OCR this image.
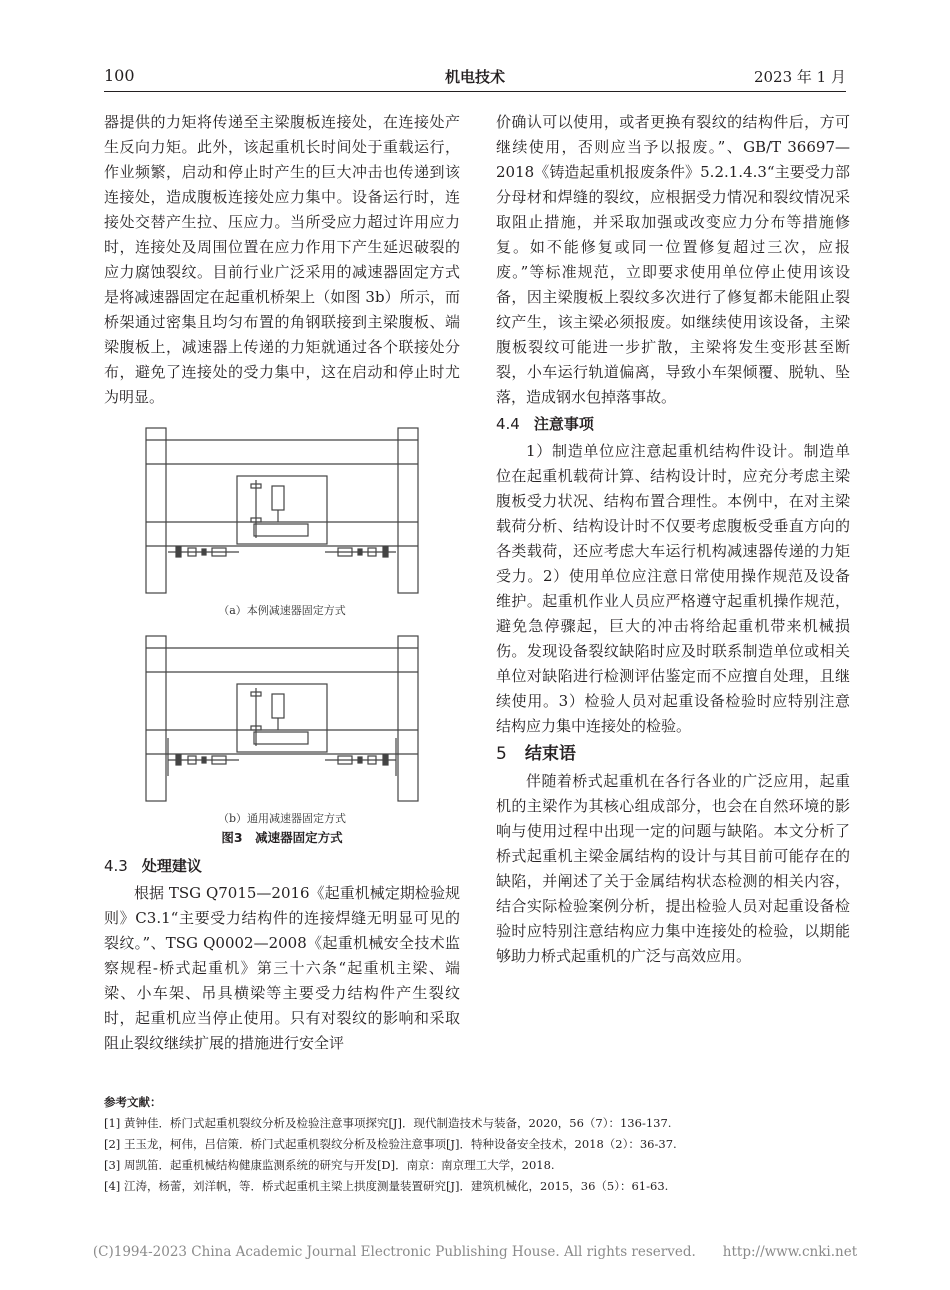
100	机电技术	2023 年 1 月

器提供的力矩将传递至主梁腹板连接处，在连接处产生反向力矩。此外，该起重机长时间处于重载运行，作业频繁，启动和停止时产生的巨大冲击也传递到该连接处，造成腹板连接处应力集中。设备运行时，连接处交替产生拉、压应力。当所受应力超过许用应力时，连接处及周围位置在应力作用下产生延迟破裂的应力腐蚀裂纹。目前行业广泛采用的减速器固定方式是将减速器固定在起重机桥架上（如图 3b）所示，而桥架通过密集且均匀布置的角钢联接到主梁腹板、端梁腹板上，减速器上传递的力矩就通过各个联接处分布，避免了连接处的受力集中，这在启动和停止时尤为明显。

（a）本例减速器固定方式
（b）通用减速器固定方式
图3　减速器固定方式
4.3 处理建议

根据 TSG Q7015—2016《起重机械定期检验规则》C3.1“主要受力结构件的连接焊缝无明显可见的裂纹。”、TSG Q0002—2008《起重机械安全技术监察规程-桥式起重机》第三十六条“起重机主梁、端梁、小车架、吊具横梁等主要受力结构件产生裂纹时，起重机应当停止使用。只有对裂纹的影响和采取阻止裂纹继续扩展的措施进行安全评

价确认可以使用，或者更换有裂纹的结构件后，方可继续使用，否则应当予以报废。”、GB/T 36697—2018《铸造起重机报废条件》5.2.1.4.3“主要受力部分母材和焊缝的裂纹，应根据受力情况和裂纹情况采取阻止措施，并采取加强或改变应力分布等措施修复。如不能修复或同一位置修复超过三次，应报废。”等标准规范，立即要求使用单位停止使用该设备，因主梁腹板上裂纹多次进行了修复都未能阻止裂纹产生，该主梁必须报废。如继续使用该设备，主梁腹板裂纹可能进一步扩散，主梁将发生变形甚至断裂，小车运行轨道偏离，导致小车架倾覆、脱轨、坠落，造成钢水包掉落事故。

4.4 注意事项

1）制造单位应注意起重机结构件设计。制造单位在起重机载荷计算、结构设计时，应充分考虑主梁腹板受力状况、结构布置合理性。本例中，在对主梁载荷分析、结构设计时不仅要考虑腹板受垂直方向的各类载荷，还应考虑大车运行机构减速器传递的力矩受力。2）使用单位应注意日常使用操作规范及设备维护。起重机作业人员应严格遵守起重机操作规范，避免急停骤起，巨大的冲击将给起重机带来机械损伤。发现设备裂纹缺陷时应及时联系制造单位或相关单位对缺陷进行检测评估鉴定而不应擅自处理，且继续使用。3）检验人员对起重设备检验时应特别注意结构应力集中连接处的检验。

5 结束语

伴随着桥式起重机在各行各业的广泛应用，起重机的主梁作为其核心组成部分，也会在自然环境的影响与使用过程中出现一定的问题与缺陷。本文分析了桥式起重机主梁金属结构的设计与其目前可能存在的缺陷，并阐述了关于金属结构状态检测的相关内容，结合实际检验案例分析，提出检验人员对起重设备检验时应特别注意结构应力集中连接处的检验，以期能够助力桥式起重机的广泛与高效应用。

参考文献：

[1] 黄钟佳．桥门式起重机裂纹分析及检验注意事项探究[J]．现代制造技术与装备，2020，56（7）：136-137.

[2] 王玉龙，柯伟，吕信策．桥门式起重机裂纹分析及检验注意事项[J]．特种设备安全技术，2018（2）：36-37.

[3] 周凯笛．起重机械结构健康监测系统的研究与开发[D]．南京：南京理工大学，2018.

[4] 江涛，杨蕾，刘洋帆，等．桥式起重机主梁上拱度测量装置研究[J]．建筑机械化，2015，36（5）：61-63.

(C)1994-2023 China Academic Journal Electronic Publishing House. All rights reserved.　　http://www.cnki.net
